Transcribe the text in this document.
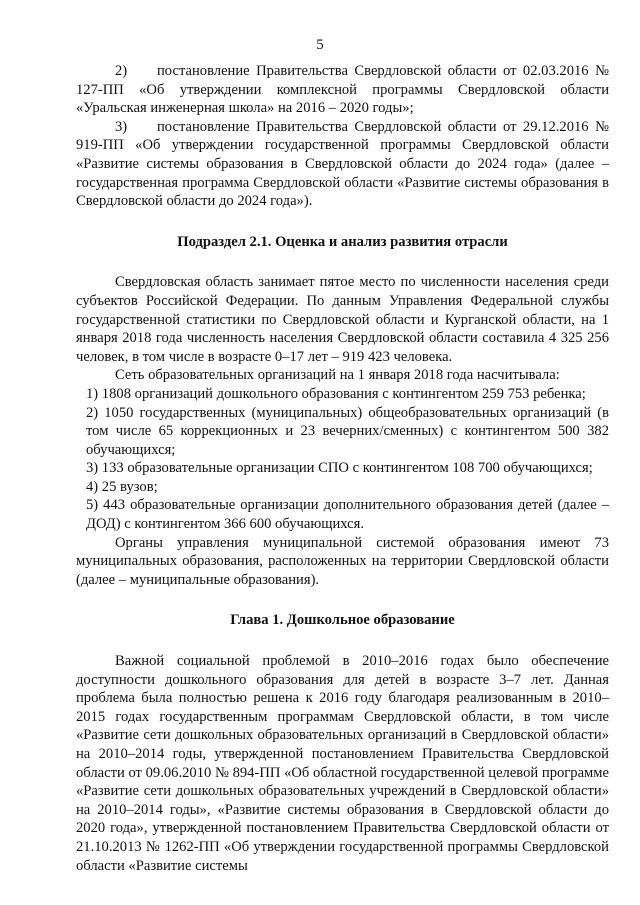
5

2) постановление Правительства Свердловской области от 02.03.2016 № 127-ПП «Об утверждении комплексной программы Свердловской области «Уральская инженерная школа» на 2016 – 2020 годы»;

3) постановление Правительства Свердловской области от 29.12.2016 № 919-ПП «Об утверждении государственной программы Свердловской области «Развитие системы образования в Свердловской области до 2024 года» (далее – государственная программа Свердловской области «Развитие системы образования в Свердловской области до 2024 года»).

Подраздел 2.1. Оценка и анализ развития отрасли

Свердловская область занимает пятое место по численности населения среди субъектов Российской Федерации. По данным Управления Федеральной службы государственной статистики по Свердловской области и Курганской области, на 1 января 2018 года численность населения Свердловской области составила 4 325 256 человек, в том числе в возрасте 0–17 лет – 919 423 человека.

Сеть образовательных организаций на 1 января 2018 года насчитывала:

1) 1808 организаций дошкольного образования с контингентом 259 753 ребенка;

2) 1050 государственных (муниципальных) общеобразовательных организаций (в том числе 65 коррекционных и 23 вечерних/сменных) с контингентом 500 382 обучающихся;

3) 133 образовательные организации СПО с контингентом 108 700 обучающихся;

4) 25 вузов;

5) 443 образовательные организации дополнительного образования детей (далее – ДОД) с контингентом 366 600 обучающихся.

Органы управления муниципальной системой образования имеют 73 муниципальных образования, расположенных на территории Свердловской области (далее – муниципальные образования).

Глава 1. Дошкольное образование

Важной социальной проблемой в 2010–2016 годах было обеспечение доступности дошкольного образования для детей в возрасте 3–7 лет. Данная проблема была полностью решена к 2016 году благодаря реализованным в 2010–2015 годах государственным программам Свердловской области, в том числе «Развитие сети дошкольных образовательных организаций в Свердловской области» на 2010–2014 годы, утвержденной постановлением Правительства Свердловской области от 09.06.2010 № 894-ПП «Об областной государственной целевой программе «Развитие сети дошкольных образовательных учреждений в Свердловской области» на 2010–2014 годы», «Развитие системы образования в Свердловской области до 2020 года», утвержденной постановлением Правительства Свердловской области от 21.10.2013 № 1262-ПП «Об утверждении государственной программы Свердловской области «Развитие системы
